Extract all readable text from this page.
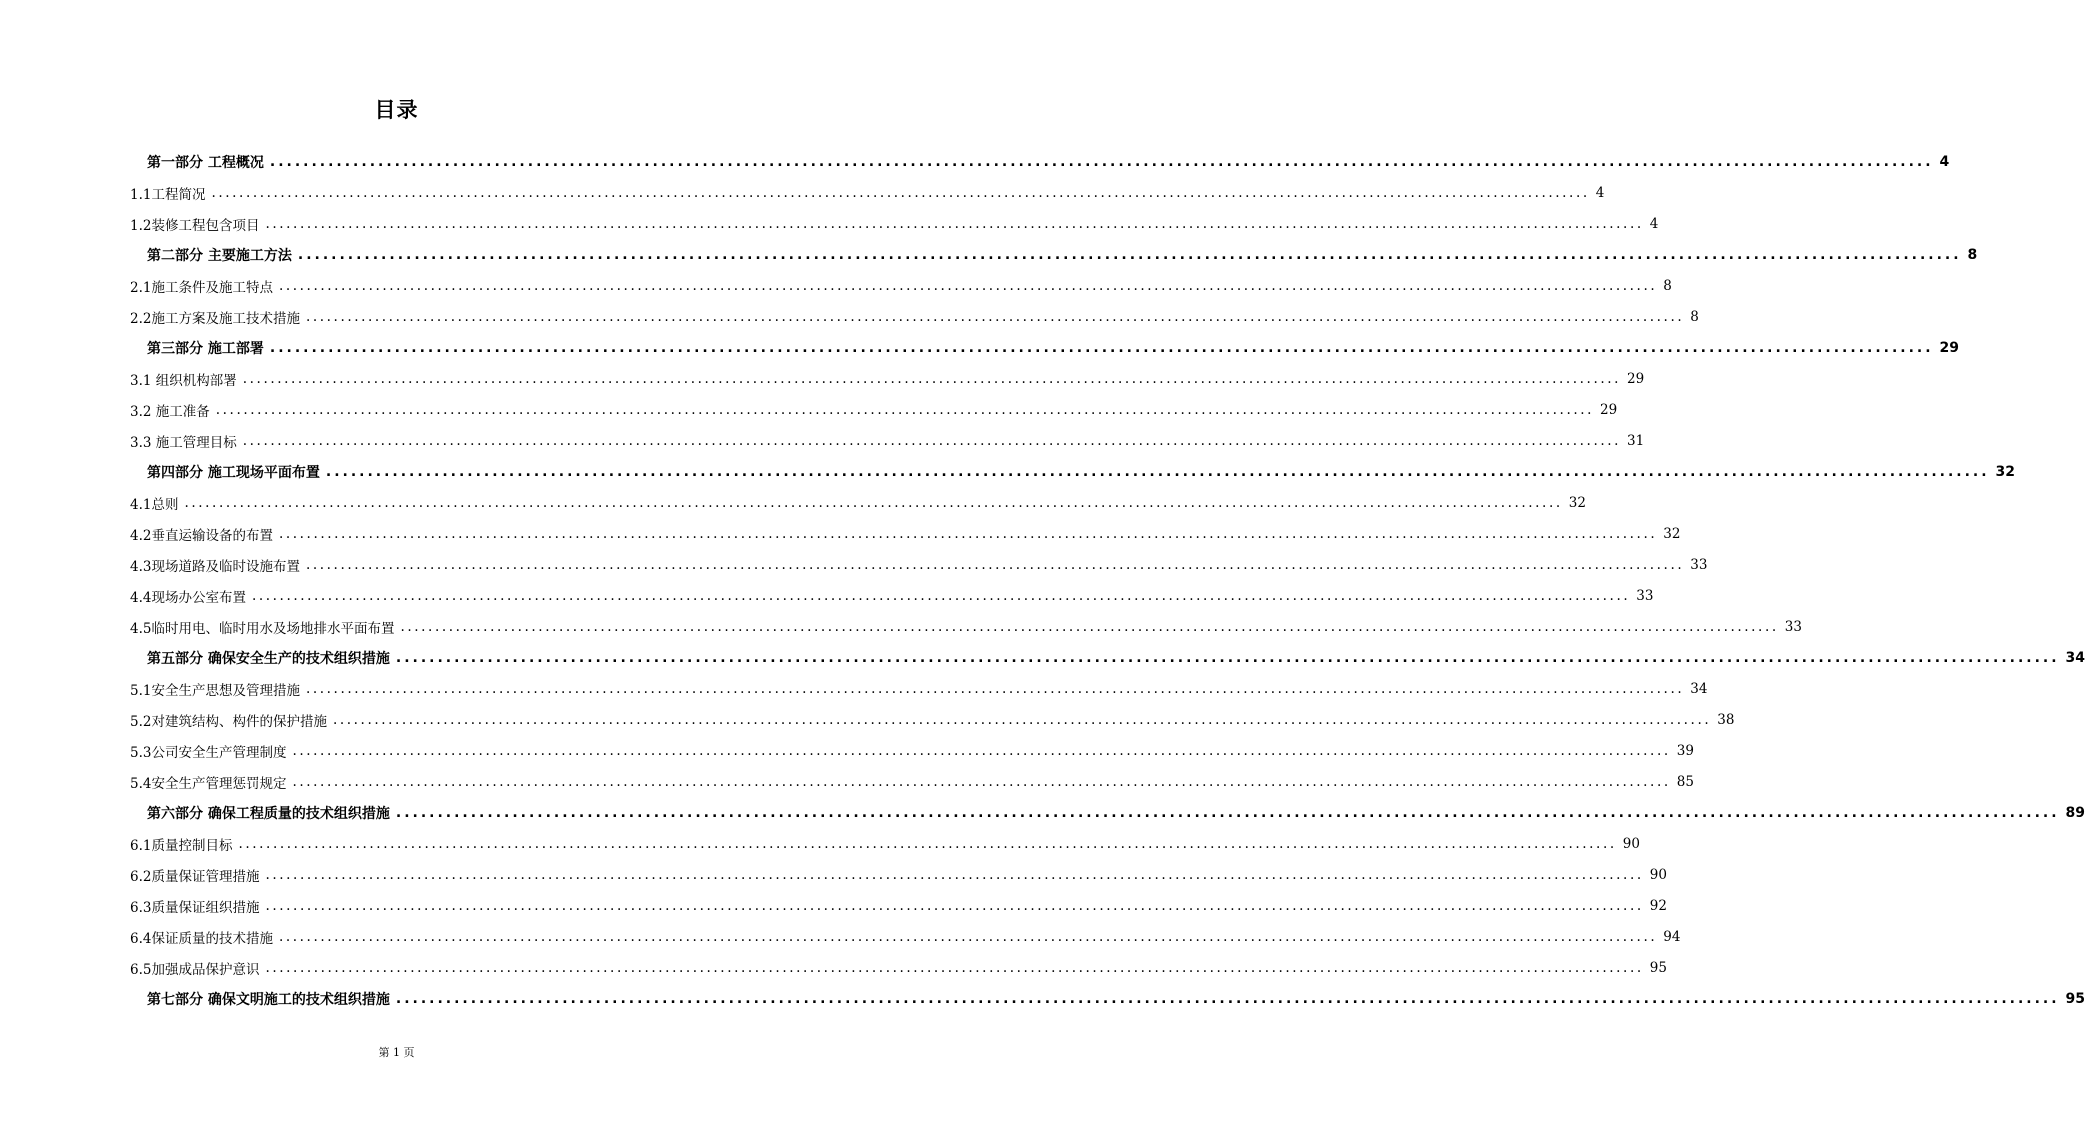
目录
第一部分 工程概况 ........................................................................................................................................................................................................ 4
1.1工程简况 ........................................................................................................................................................................................................ 4
1.2装修工程包含项目 ........................................................................................................................................................................................................ 4
第二部分 主要施工方法 ........................................................................................................................................................................................................ 8
2.1施工条件及施工特点 ........................................................................................................................................................................................................ 8
2.2施工方案及施工技术措施 ........................................................................................................................................................................................................ 8
第三部分 施工部署 ........................................................................................................................................................................................................ 29
3.1 组织机构部署 ........................................................................................................................................................................................................ 29
3.2 施工准备 ........................................................................................................................................................................................................ 29
3.3 施工管理目标 ........................................................................................................................................................................................................ 31
第四部分 施工现场平面布置 ........................................................................................................................................................................................................ 32
4.1总则 ........................................................................................................................................................................................................ 32
4.2垂直运输设备的布置 ........................................................................................................................................................................................................ 32
4.3现场道路及临时设施布置 ........................................................................................................................................................................................................ 33
4.4现场办公室布置 ........................................................................................................................................................................................................ 33
4.5临时用电、临时用水及场地排水平面布置 ........................................................................................................................................................................................................ 33
第五部分 确保安全生产的技术组织措施 ........................................................................................................................................................................................................ 34
5.1安全生产思想及管理措施 ........................................................................................................................................................................................................ 34
5.2对建筑结构、构件的保护措施 ........................................................................................................................................................................................................ 38
5.3公司安全生产管理制度 ........................................................................................................................................................................................................ 39
5.4安全生产管理惩罚规定 ........................................................................................................................................................................................................ 85
第六部分 确保工程质量的技术组织措施 ........................................................................................................................................................................................................ 89
6.1质量控制目标 ........................................................................................................................................................................................................ 90
6.2质量保证管理措施 ........................................................................................................................................................................................................ 90
6.3质量保证组织措施 ........................................................................................................................................................................................................ 92
6.4保证质量的技术措施 ........................................................................................................................................................................................................ 94
6.5加强成品保护意识 ........................................................................................................................................................................................................ 95
第七部分 确保文明施工的技术组织措施 ........................................................................................................................................................................................................ 95
第 1 页
